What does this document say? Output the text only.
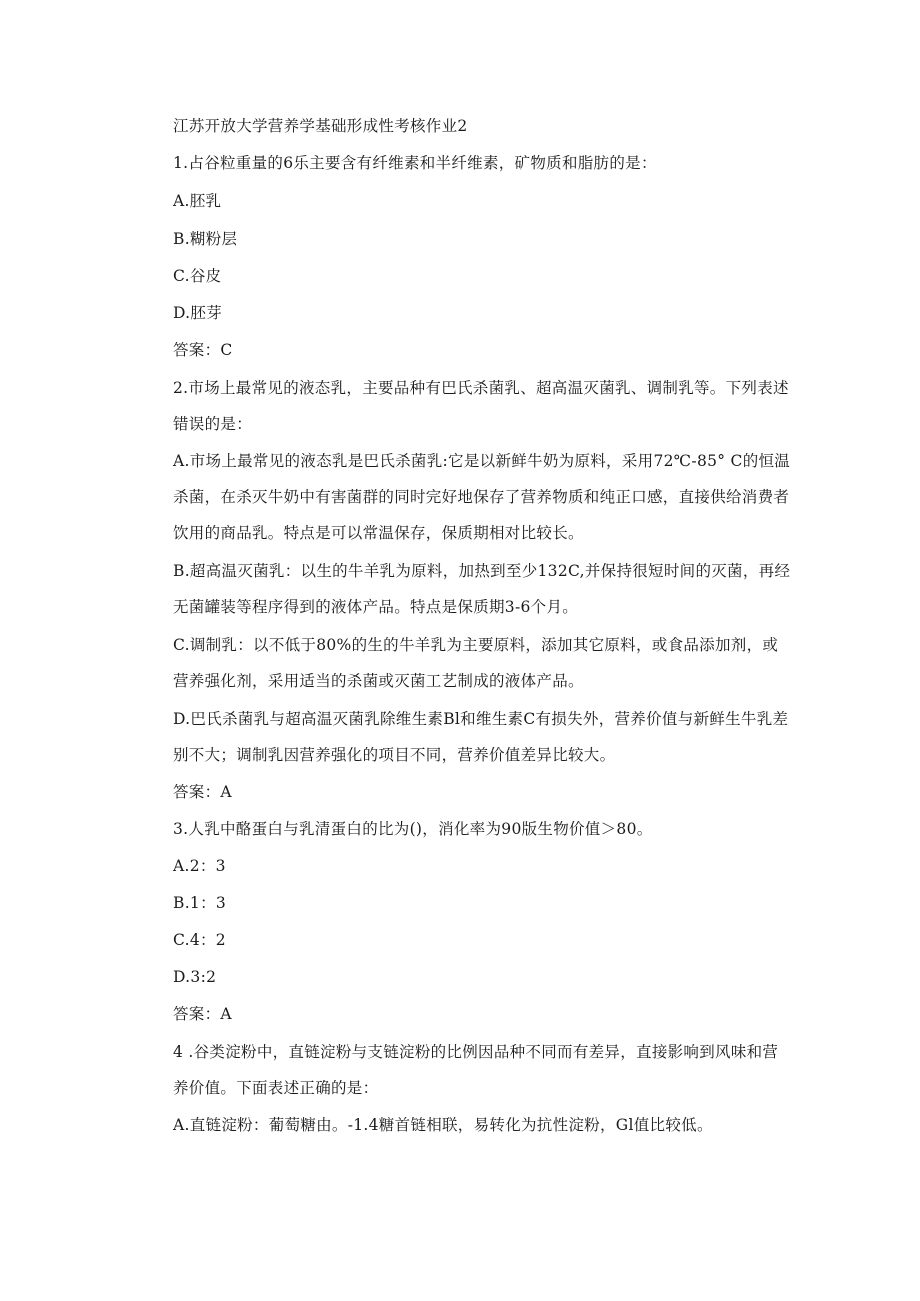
江苏开放大学营养学基础形成性考核作业2
1.占谷粒重量的6乐主要含有纤维素和半纤维素，矿物质和脂肪的是：
A.胚乳
B.糊粉层
C.谷皮
D.胚芽
答案：C
2.市场上最常见的液态乳，主要品种有巴氏杀菌乳、超高温灭菌乳、调制乳等。下列表述错误的是：
A.市场上最常见的液态乳是巴氏杀菌乳:它是以新鲜牛奶为原料，采用72℃-85° C的恒温杀菌，在杀灭牛奶中有害菌群的同时完好地保存了营养物质和纯正口感，直接供给消费者饮用的商品乳。特点是可以常温保存，保质期相对比较长。
B.超高温灭菌乳：以生的牛羊乳为原料，加热到至少132C,并保持很短时间的灭菌，再经无菌罐装等程序得到的液体产品。特点是保质期3-6个月。
C.调制乳：以不低于80%的生的牛羊乳为主要原料，添加其它原料，或食品添加剂，或营养强化剂，采用适当的杀菌或灭菌工艺制成的液体产品。
D.巴氏杀菌乳与超高温灭菌乳除维生素Bl和维生素C有损失外，营养价值与新鲜生牛乳差别不大；调制乳因营养强化的项目不同，营养价值差异比较大。
答案：A
3.人乳中酪蛋白与乳清蛋白的比为()，消化率为90版生物价值＞80。
A.2：3
B.1：3
C.4：2
D.3:2
答案：A
4 .谷类淀粉中，直链淀粉与支链淀粉的比例因品种不同而有差异，直接影响到风味和营养价值。下面表述正确的是：
A.直链淀粉：葡萄糖由。-1.4糖首链相联，易转化为抗性淀粉，Gl值比较低。
